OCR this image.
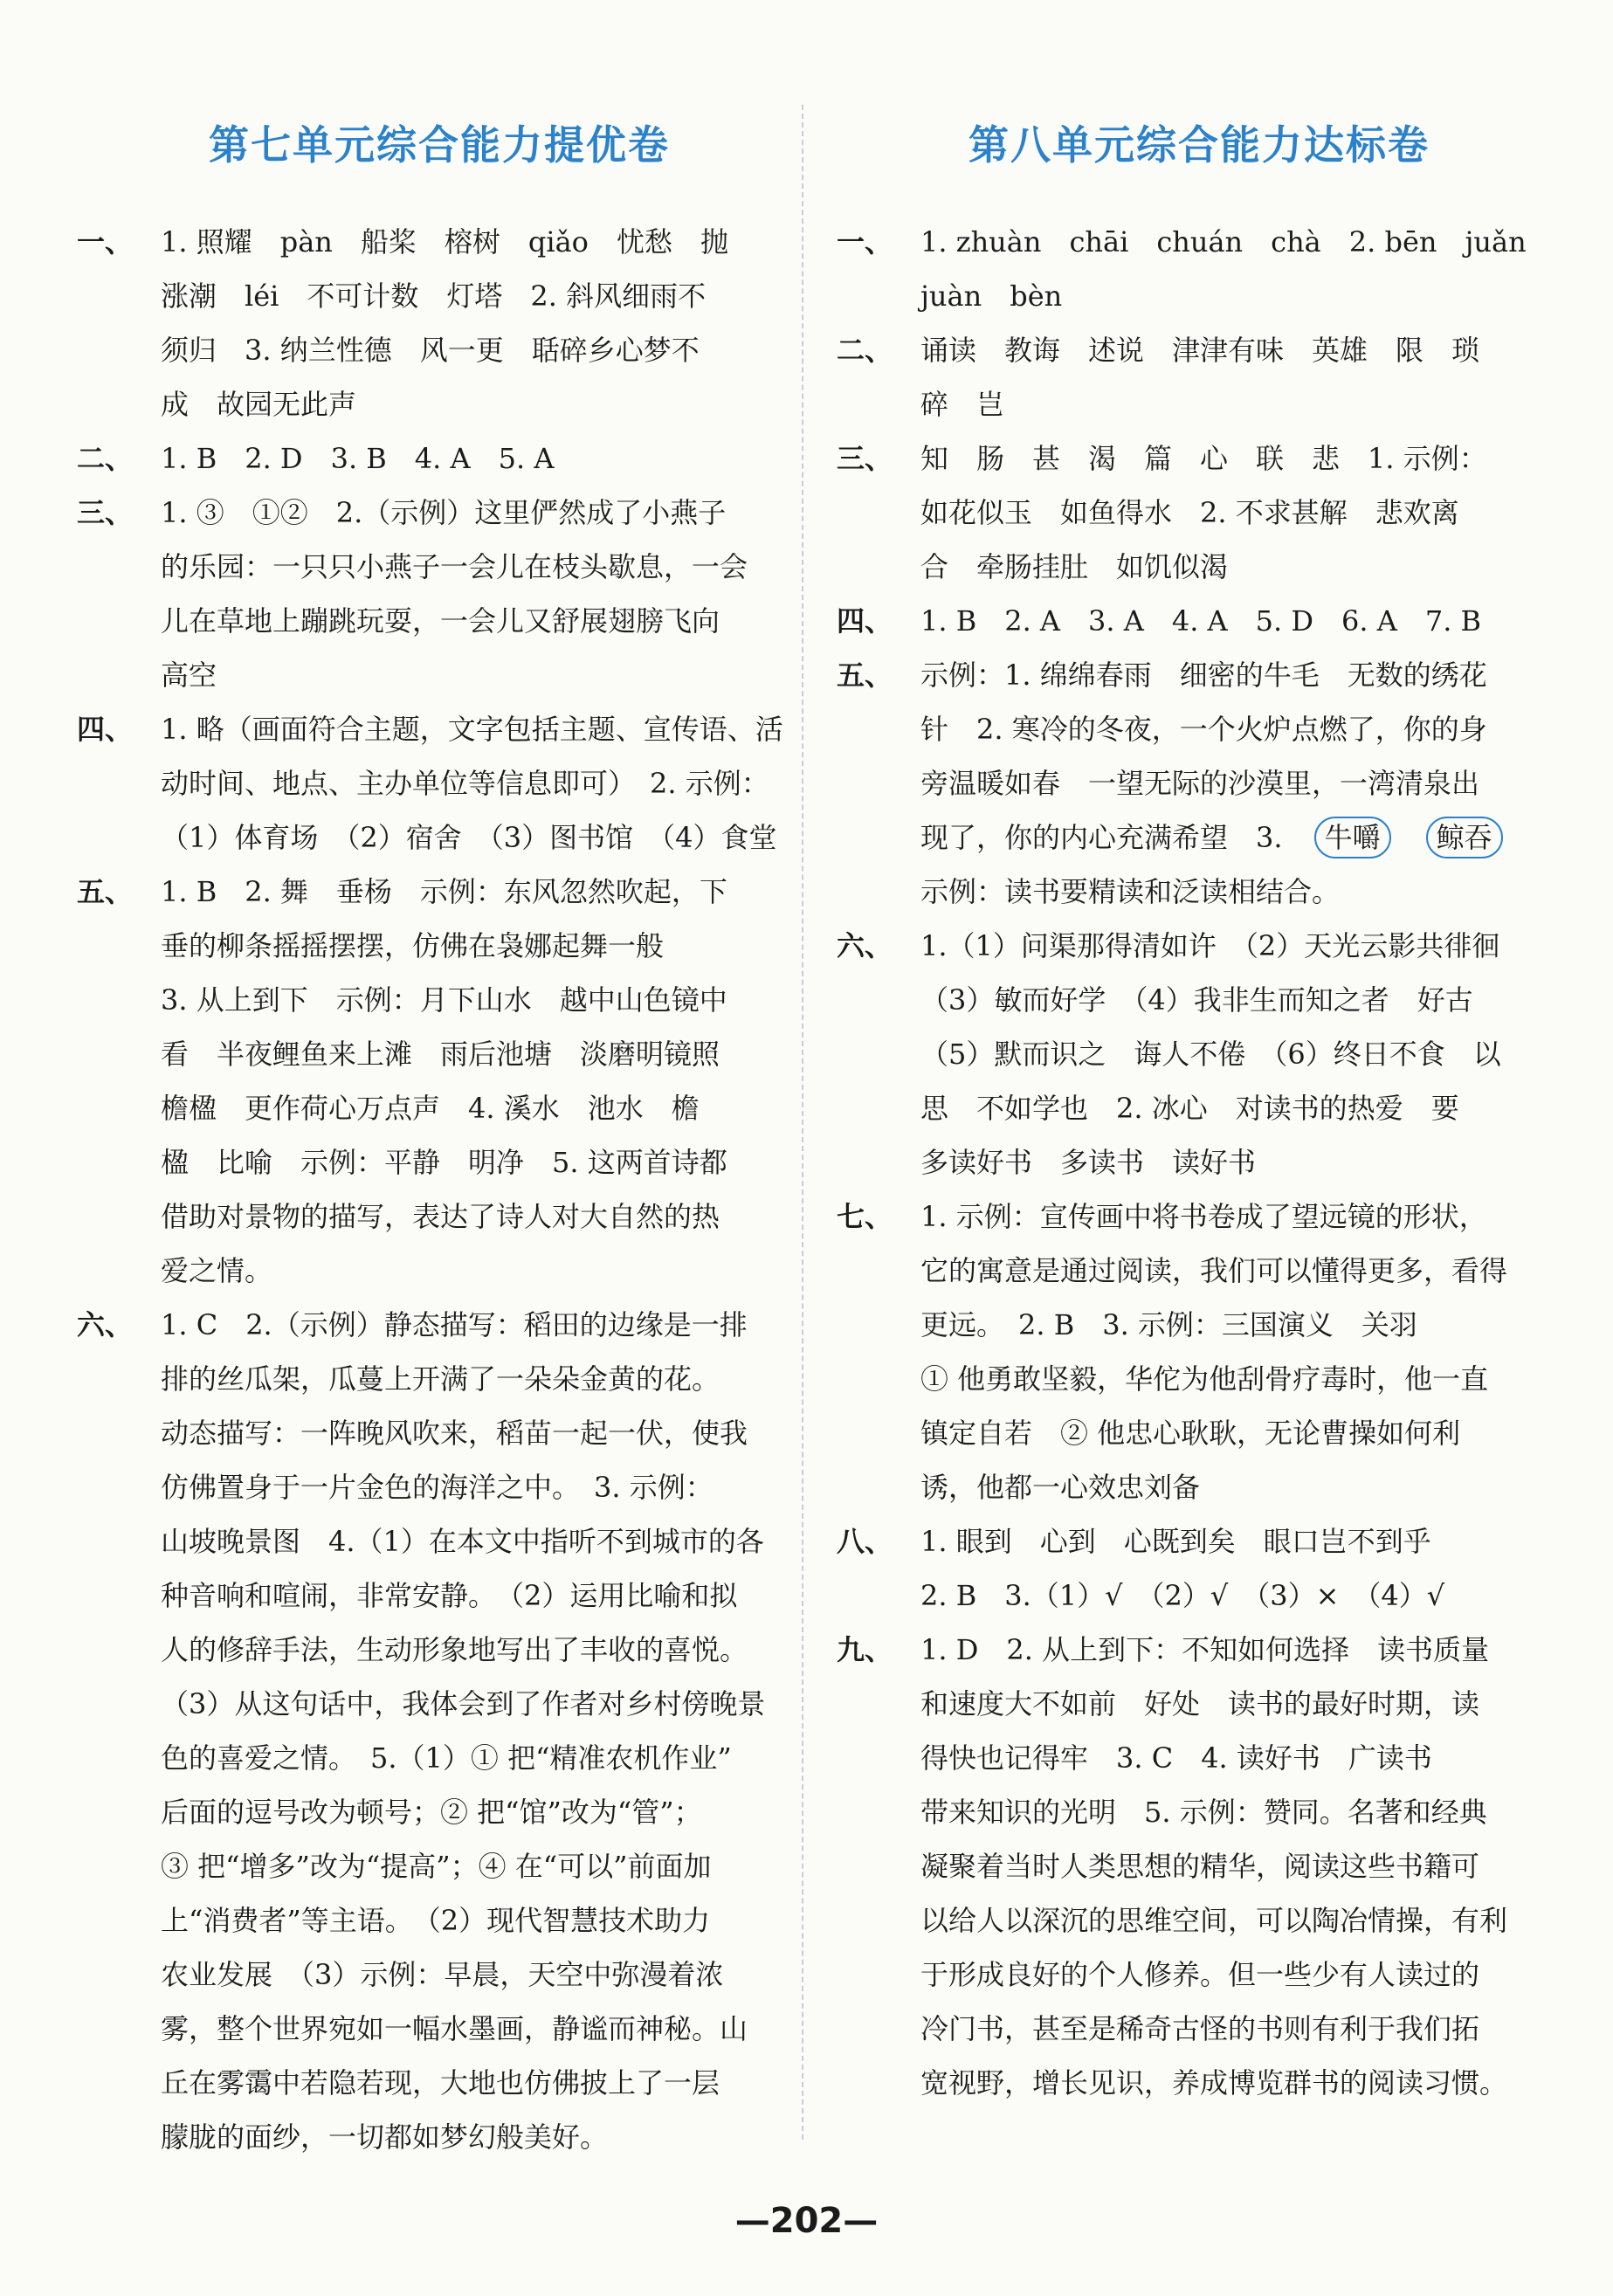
第七单元综合能力提优卷
一、 1. 照耀　pàn　船桨　榕树　qiǎo　忧愁　抛
涨潮　léi　不可计数　灯塔　2. 斜风细雨不
须归　3. 纳兰性德　风一更　聒碎乡心梦不
成　故园无此声
二、 1. B　2. D　3. B　4. A　5. A
三、 1. ③　①②　2.（示例）这里俨然成了小燕子
的乐园：一只只小燕子一会儿在枝头歇息，一会
儿在草地上蹦跳玩耍，一会儿又舒展翅膀飞向
高空
四、 1. 略（画面符合主题，文字包括主题、宣传语、活
动时间、地点、主办单位等信息即可）　2. 示例：
（1）体育场　（2）宿舍　（3）图书馆　（4）食堂
五、 1. B　2. 舞　垂杨　示例：东风忽然吹起，下
垂的柳条摇摇摆摆，仿佛在袅娜起舞一般
3. 从上到下　示例：月下山水　越中山色镜中
看　半夜鲤鱼来上滩　雨后池塘　淡磨明镜照
檐楹　更作荷心万点声　4. 溪水　池水　檐
楹　比喻　示例：平静　明净　5. 这两首诗都
借助对景物的描写，表达了诗人对大自然的热
爱之情。
六、 1. C　2.（示例）静态描写：稻田的边缘是一排
排的丝瓜架，瓜蔓上开满了一朵朵金黄的花。
动态描写：一阵晚风吹来，稻苗一起一伏，使我
仿佛置身于一片金色的海洋之中。　3. 示例：
山坡晚景图　4.（1）在本文中指听不到城市的各
种音响和喧闹，非常安静。　（2）运用比喻和拟
人的修辞手法，生动形象地写出了丰收的喜悦。
（3）从这句话中，我体会到了作者对乡村傍晚景
色的喜爱之情。　5.（1）① 把“精准农机作业”
后面的逗号改为顿号；② 把“馆”改为“管”；
③ 把“增多”改为“提高”；④ 在“可以”前面加
上“消费者”等主语。　（2）现代智慧技术助力
农业发展　（3）示例：早晨，天空中弥漫着浓
雾，整个世界宛如一幅水墨画，静谧而神秘。山
丘在雾霭中若隐若现，大地也仿佛披上了一层
朦胧的面纱，一切都如梦幻般美好。
第八单元综合能力达标卷
一、 1. zhuàn　chāi　chuán　chà　2. bēn　juǎn
juàn　bèn
二、 诵读　教诲　述说　津津有味　英雄　限　琐
碎　岂
三、 知　肠　甚　渴　篇　心　联　悲　1. 示例：
如花似玉　如鱼得水　2. 不求甚解　悲欢离
合　牵肠挂肚　如饥似渴
四、 1. B　2. A　3. A　4. A　5. D　6. A　7. B
五、 示例：1. 绵绵春雨　细密的牛毛　无数的绣花
针　2. 寒冷的冬夜，一个火炉点燃了，你的身
旁温暖如春　一望无际的沙漠里，一湾清泉出
现了，你的内心充满希望　3.　 牛嚼　 鲸吞
示例：读书要精读和泛读相结合。
六、 1.（1）问渠那得清如许　（2）天光云影共徘徊
（3）敏而好学　（4）我非生而知之者　好古
（5）默而识之　诲人不倦　（6）终日不食　以
思　不如学也　2. 冰心　对读书的热爱　要
多读好书　多读书　读好书
七、 1. 示例：宣传画中将书卷成了望远镜的形状，
它的寓意是通过阅读，我们可以懂得更多，看得
更远。　2. B　3. 示例：三国演义　关羽
① 他勇敢坚毅，华佗为他刮骨疗毒时，他一直
镇定自若　② 他忠心耿耿，无论曹操如何利
诱，他都一心效忠刘备
八、 1. 眼到　心到　心既到矣　眼口岂不到乎
2. B　3.（1）√　（2）√　（3）×　（4）√
九、 1. D　2. 从上到下：不知如何选择　读书质量
和速度大不如前　好处　读书的最好时期，读
得快也记得牢　3. C　4. 读好书　广读书
带来知识的光明　5. 示例：赞同。名著和经典
凝聚着当时人类思想的精华，阅读这些书籍可
以给人以深沉的思维空间，可以陶冶情操，有利
于形成良好的个人修养。但一些少有人读过的
冷门书，甚至是稀奇古怪的书则有利于我们拓
宽视野，增长见识，养成博览群书的阅读习惯。
—202—
